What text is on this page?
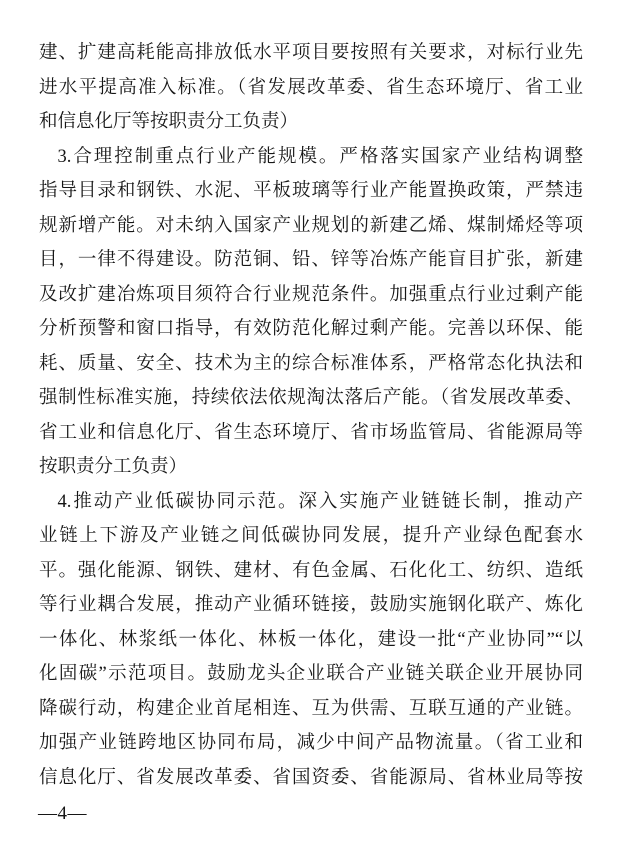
建、扩建高耗能高排放低水平项目要按照有关要求，对标行业先
进水平提高准入标准。（省发展改革委、省生态环境厅、省工业
和信息化厅等按职责分工负责）
3.合理控制重点行业产能规模。严格落实国家产业结构调整
指导目录和钢铁、水泥、平板玻璃等行业产能置换政策，严禁违
规新增产能。对未纳入国家产业规划的新建乙烯、煤制烯烃等项
目，一律不得建设。防范铜、铅、锌等冶炼产能盲目扩张，新建
及改扩建冶炼项目须符合行业规范条件。加强重点行业过剩产能
分析预警和窗口指导，有效防范化解过剩产能。完善以环保、能
耗、质量、安全、技术为主的综合标准体系，严格常态化执法和
强制性标准实施，持续依法依规淘汰落后产能。（省发展改革委、
省工业和信息化厅、省生态环境厅、省市场监管局、省能源局等
按职责分工负责）
4.推动产业低碳协同示范。深入实施产业链链长制，推动产
业链上下游及产业链之间低碳协同发展，提升产业绿色配套水
平。强化能源、钢铁、建材、有色金属、石化化工、纺织、造纸
等行业耦合发展，推动产业循环链接，鼓励实施钢化联产、炼化
一体化、林浆纸一体化、林板一体化，建设一批“产业协同”“以
化固碳”示范项目。鼓励龙头企业联合产业链关联企业开展协同
降碳行动，构建企业首尾相连、互为供需、互联互通的产业链。
加强产业链跨地区协同布局，减少中间产品物流量。（省工业和
信息化厅、省发展改革委、省国资委、省能源局、省林业局等按
—4—
